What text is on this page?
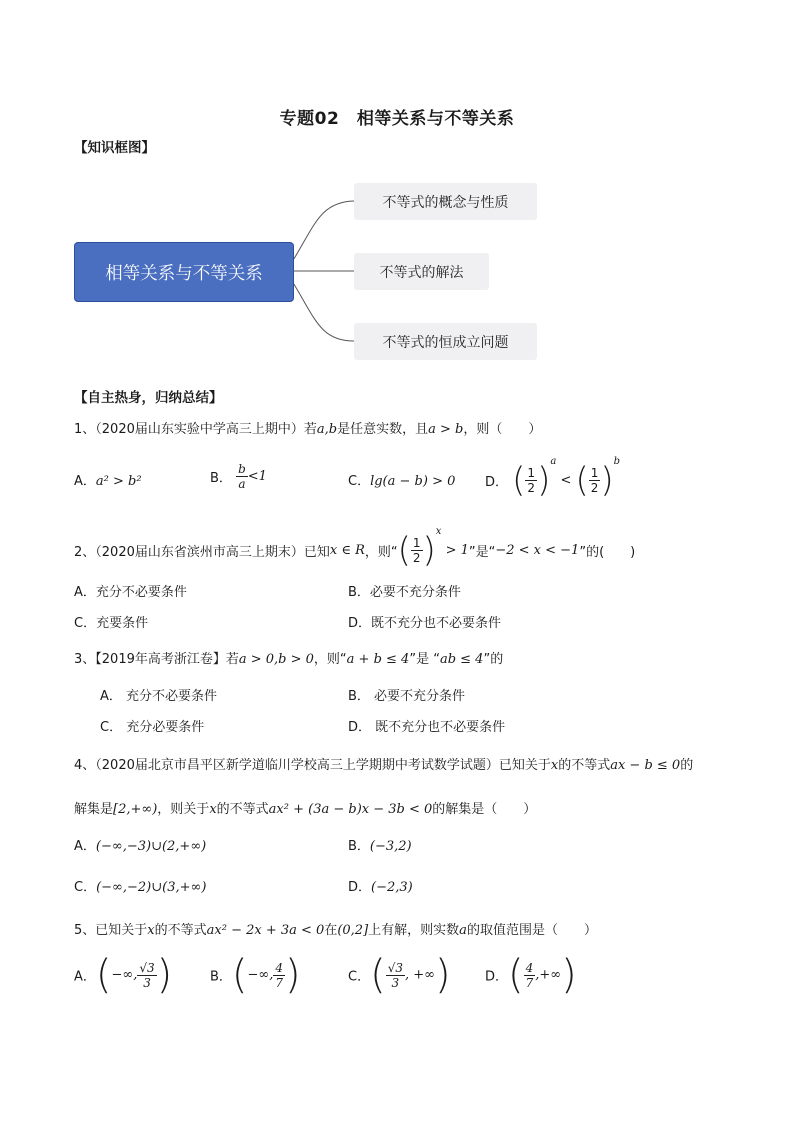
专题02　相等关系与不等关系
【知识框图】
相等关系与不等关系
不等式的概念与性质
不等式的解法
不等式的恒成立问题
【自主热身，归纳总结】
1、（2020届山东实验中学高三上期中）若a,b是任意实数，且a > b，则（　　）
A．a² > b²	B． $\frac{b}{a} <1$	C．lg(a − b) > 0 D． ( $\frac{1}{2} )^a$ < ( $\frac{1}{2} )^b$
2、（2020届山东省滨州市高三上期末）已知x ∈ R，则“( $\frac{1}{2} )^x > 1$”是“−2 < x < −1”的(　　)
A．充分不必要条件	B．必要不充分条件
C．充要条件	D．既不充分也不必要条件
3、【2019年高考浙江卷】若a > 0,b > 0，则“a + b ≤ 4”是 “ab ≤ 4”的
A． 充分不必要条件	B． 必要不充分条件
C． 充分必要条件	D． 既不充分也不必要条件
4、（2020届北京市昌平区新学道临川学校高三上学期期中考试数学试题）已知关于x的不等式ax − b ≤ 0的
解集是[2,+∞)，则关于x的不等式ax² + (3a − b)x − 3b < 0的解集是（　　）
A．(−∞,−3)∪(2,+∞)	B．(−3,2)
C．(−∞,−2)∪(3,+∞)	D．(−2,3)
5、已知关于x的不等式ax² − 2x + 3a < 0在(0,2]上有解，则实数a的取值范围是（　　）
A．(−∞, $\frac{√3}{3}$ )	B．(−∞, $\frac{4}{7}$ )	C．( $\frac{√3}{3}$ , +∞)	D．( $\frac{4}{7}$ ,+∞)
